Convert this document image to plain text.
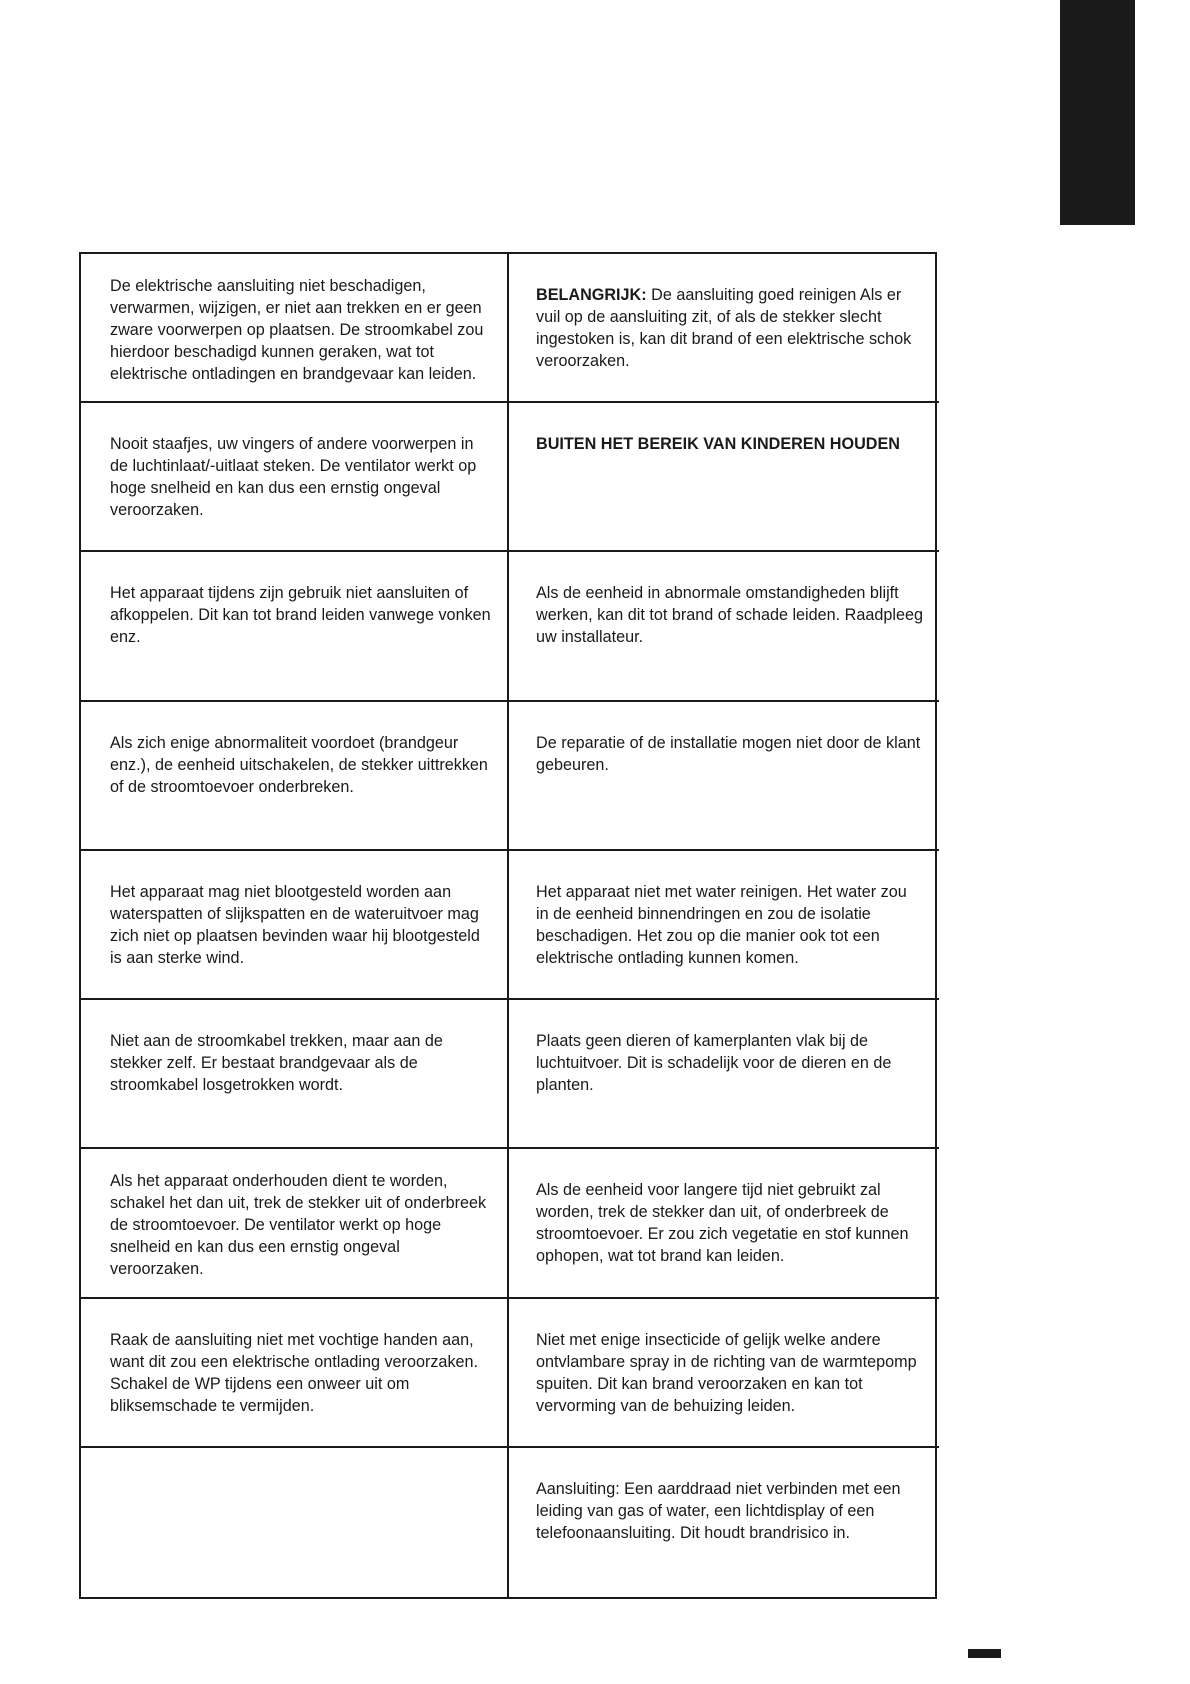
De elektrische aansluiting niet beschadigen, verwarmen, wijzigen, er niet aan trekken en er geen zware voorwerpen op plaatsen. De stroomkabel zou hierdoor beschadigd kunnen geraken, wat tot elektrische ontladingen en brandgevaar kan leiden.
BELANGRIJK: De aansluiting goed reinigen Als er vuil op de aansluiting zit, of als de stekker slecht ingestoken is, kan dit brand of een elektrische schok veroorzaken.
Nooit staafjes, uw vingers of andere voorwerpen in de luchtinlaat/-uitlaat steken. De ventilator werkt op hoge snelheid en kan dus een ernstig ongeval veroorzaken.
BUITEN HET BEREIK VAN KINDEREN HOUDEN
Het apparaat tijdens zijn gebruik niet aansluiten of afkoppelen. Dit kan tot brand leiden vanwege vonken enz.
Als de eenheid in abnormale omstandigheden blijft werken, kan dit tot brand of schade leiden. Raadpleeg uw installateur.
Als zich enige abnormaliteit voordoet (brandgeur enz.), de eenheid uitschakelen, de stekker uittrekken of de stroomtoevoer onderbreken.
De reparatie of de installatie mogen niet door de klant gebeuren.
Het apparaat mag niet blootgesteld worden aan waterspatten of slijkspatten en de wateruitvoer mag zich niet op plaatsen bevinden waar hij blootgesteld is aan sterke wind.
Het apparaat niet met water reinigen. Het water zou in de eenheid binnendringen en zou de isolatie beschadigen. Het zou op die manier ook tot een elektrische ontlading kunnen komen.
Niet aan de stroomkabel trekken, maar aan de stekker zelf. Er bestaat brandgevaar als de stroomkabel losgetrokken wordt.
Plaats geen dieren of kamerplanten vlak bij de luchtuitvoer. Dit is schadelijk voor de dieren en de planten.
Als het apparaat onderhouden dient te worden, schakel het dan uit, trek de stekker uit of onderbreek de stroomtoevoer. De ventilator werkt op hoge snelheid en kan dus een ernstig ongeval veroorzaken.
Als de eenheid voor langere tijd niet gebruikt zal worden, trek de stekker dan uit, of onderbreek de stroomtoevoer. Er zou zich vegetatie en stof kunnen ophopen, wat tot brand kan leiden.
Raak de aansluiting niet met vochtige handen aan, want dit zou een elektrische ontlading veroorzaken. Schakel de WP tijdens een onweer uit om bliksemschade te vermijden.
Niet met enige insecticide of gelijk welke andere ontvlambare spray in de richting van de warmtepomp spuiten. Dit kan brand veroorzaken en kan tot vervorming van de behuizing leiden.
Aansluiting: Een aarddraad niet verbinden met een leiding van gas of water, een lichtdisplay of een telefoonaansluiting. Dit houdt brandrisico in.
